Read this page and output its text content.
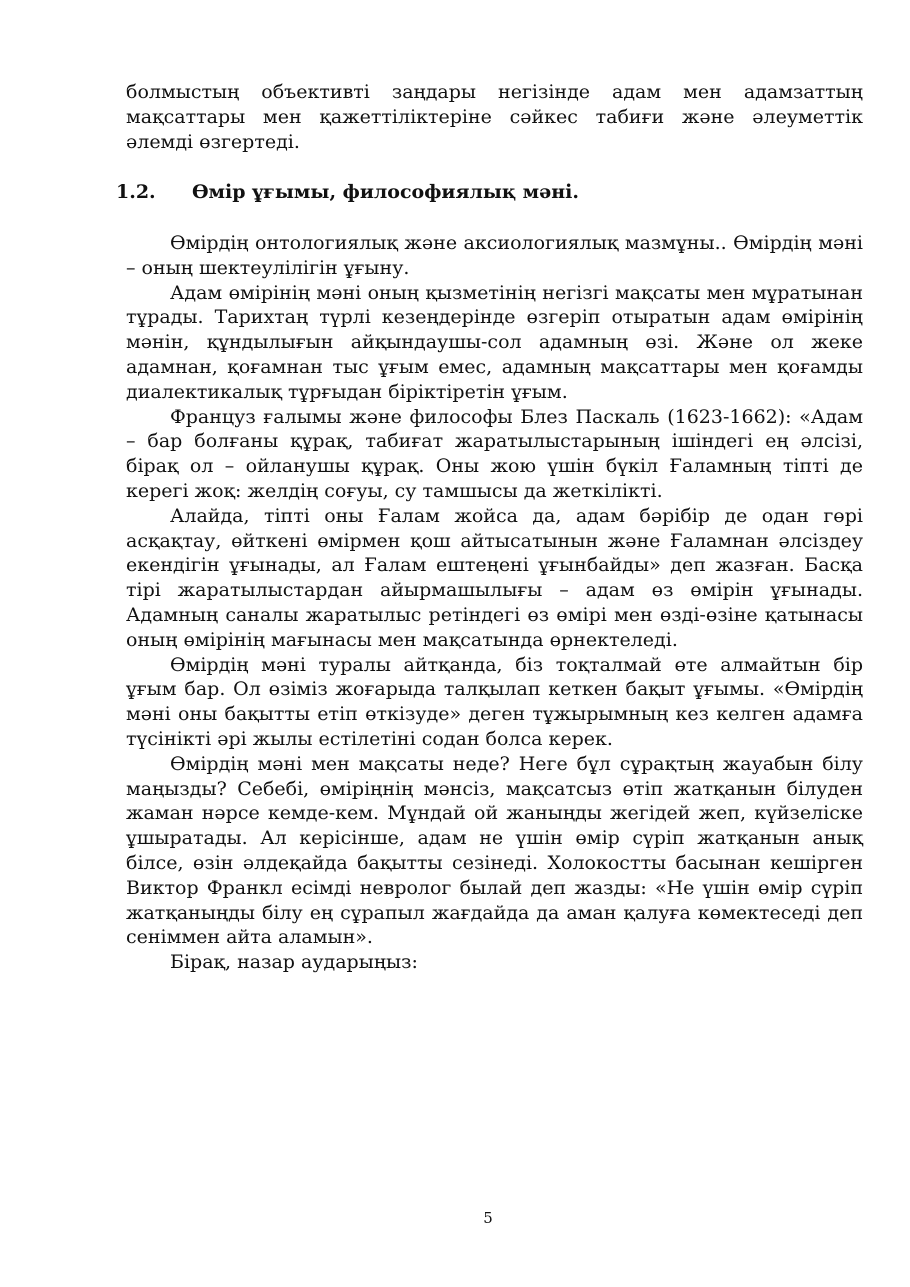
болмыстың объективті заңдары негізінде адам мен адамзаттың мақсаттары мен қажеттіліктеріне сәйкес табиғи және әлеуметтік әлемді өзгертеді.

1.2. Өмір ұғымы, философиялық мәні.

Өмірдің онтологиялық және аксиологиялық мазмұны.. Өмірдің мәні – оның шектеулілігін ұғыну.

Адам өмірінің мәні оның қызметінің негізгі мақсаты мен мұратынан тұрады. Тарихтаң түрлі кезеңдерінде өзгеріп отыратын адам өмірінің мәнін, құндылығын айқындаушы-сол адамның өзі. Және ол жеке адамнан, қоғамнан тыс ұғым емес, адамның мақсаттары мен қоғамды диалектикалық тұрғыдан біріктіретін ұғым.

Француз ғалымы және философы Блез Паскаль (1623-1662): «Адам – бар болғаны құрақ, табиғат жаратылыстарының ішіндегі ең әлсізі, бірақ ол – ойланушы құрақ. Оны жою үшін бүкіл Ғаламның тіпті де керегі жоқ: желдің соғуы, су тамшысы да жеткілікті.

Алайда, тіпті оны Ғалам жойса да, адам бәрібір де одан гөрі асқақтау, өйткені өмірмен қош айтысатынын және Ғаламнан әлсіздеу екендігін ұғынады, ал Ғалам ештеңені ұғынбайды» деп жазған. Басқа тірі жаратылыстардан айырмашылығы – адам өз өмірін ұғынады. Адамның саналы жаратылыс ретіндегі өз өмірі мен өзді-өзіне қатынасы оның өмірінің мағынасы мен мақсатында өрнектеледі.

Өмірдің мәні туралы айтқанда, біз тоқталмай өте алмайтын бір ұғым бар. Ол өзіміз жоғарыда талқылап кеткен бақыт ұғымы. «Өмірдің мәні оны бақытты етіп өткізуде» деген тұжырымның кез келген адамға түсінікті әрі жылы естілетіні содан болса керек.

Өмірдің мәні мен мақсаты неде? Неге бұл сұрақтың жауабын білу маңызды? Себебі, өміріңнің мәнсіз, мақсатсыз өтіп жатқанын білуден жаман нәрсе кемде-кем. Мұндай ой жаныңды жегідей жеп, күйзеліске ұшыратады. Ал керісінше, адам не үшін өмір сүріп жатқанын анық білсе, өзін әлдеқайда бақытты сезінеді. Холокостты басынан кешірген Виктор Франкл есімді невролог былай деп жазды: «Не үшін өмір сүріп жатқаныңды білу ең сұрапыл жағдайда да аман қалуға көмектеседі деп сеніммен айта аламын».

Бірақ, назар аударыңыз:

5
